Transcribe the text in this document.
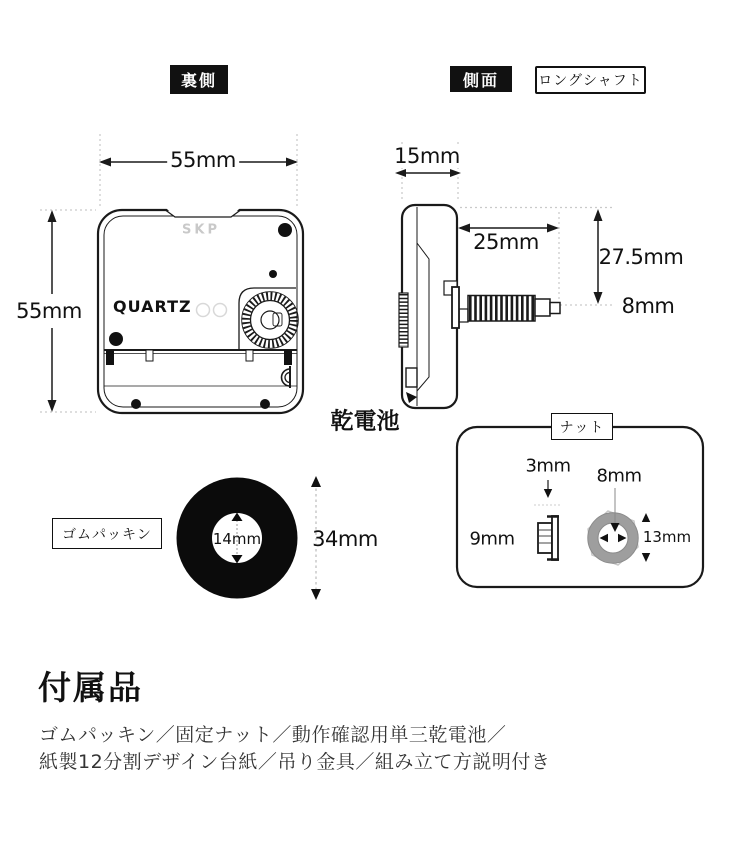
裏側	側面	ロングシャフト
55mm
55mm
SKP
QUARTZ
15mm
25mm
27.5mm
8mm
乾電池
ゴムパッキン	14mm 34mm
ナット
3mm
9mm
8mm
13mm
付属品
ゴムパッキン／固定ナット／動作確認用単三乾電池／
紙製12分割デザイン台紙／吊り金具／組み立て方説明付き
